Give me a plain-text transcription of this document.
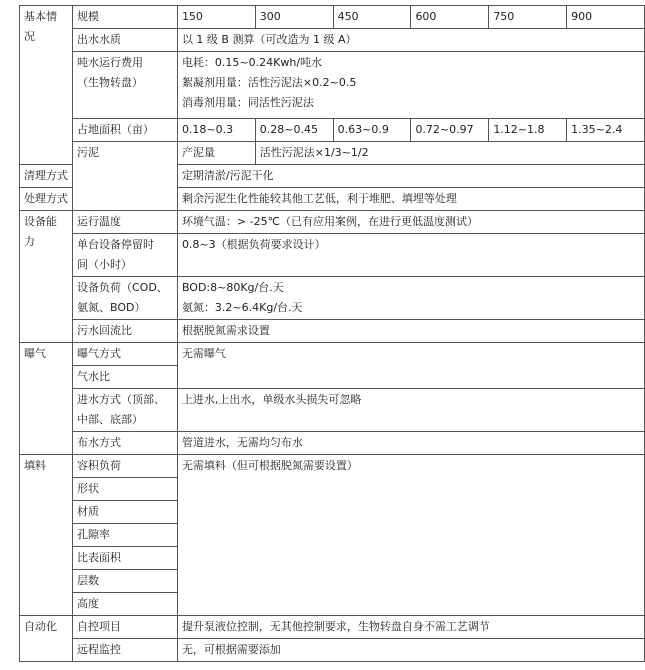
基本情
况	规模	150	300	450	600	750	900

	出水水质	以 1 级 B 测算（可改造为 1 级 A）					

	吨水运行费用
（生物转盘）	电耗：0.15~0.24Kwh/吨水
絮凝剂用量：活性污泥法×0.2~0.5
消毒剂用量：同活性污泥法					

	占地面积（亩）	0.18~0.3	0.28~0.45	0.63~0.9	0.72~0.97	1.12~1.8	1.35~2.4

	污泥	产泥量	活性污泥法×1/3~1/2				

清理方式		定期清淤/污泥干化					

处理方式		剩余污泥生化性能较其他工艺低，利于堆肥、填埋等处理					

设备能
力	运行温度	环境气温：> -25℃（已有应用案例，在进行更低温度测试）					

	单台设备停留时
间（小时）	0.8~3（根据负荷要求设计）					

	设备负荷（COD、
氨氮、BOD）	BOD:8~80Kg/台.天
氨氮：3.2~6.4Kg/台.天					

	污水回流比	根据脱氮需求设置					

曝气	曝气方式	无需曝气					

	气水比						

	进水方式（顶部、
中部、底部）	上进水,上出水，单级水头损失可忽略					

	布水方式	管道进水，无需均匀布水					

填料	容积负荷	无需填料（但可根据脱氮需要设置）					

	形状						

	材质						

	孔隙率						

	比表面积						

	层数						

	高度						

自动化	自控项目	提升泵液位控制，无其他控制要求，生物转盘自身不需工艺调节					

	远程监控	无，可根据需要添加					
